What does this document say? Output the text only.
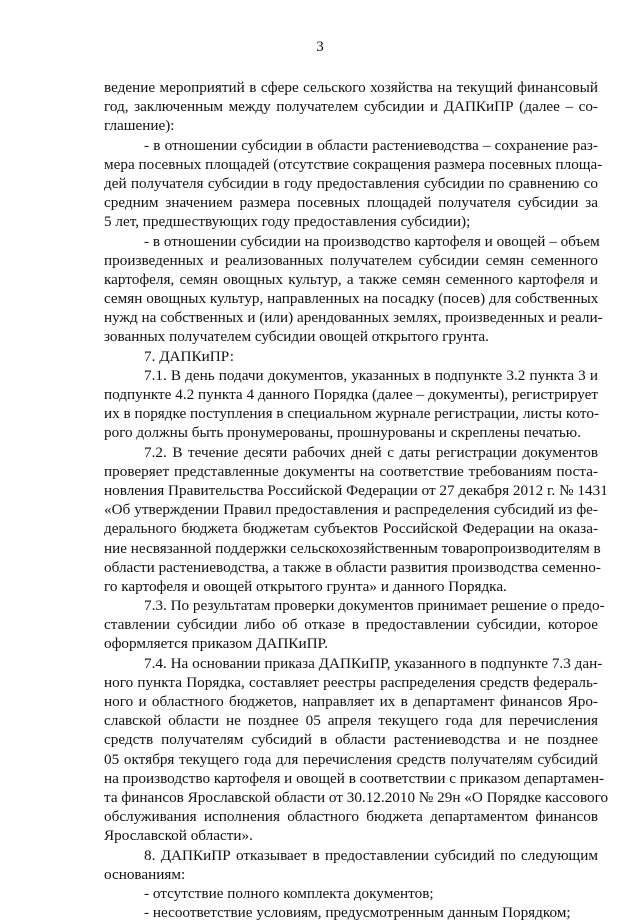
3
ведение мероприятий в сфере сельского хозяйства на текущий финансовый
год, заключенным между получателем субсидии и ДАПКиПР (далее – со-
глашение):
- в отношении субсидии в области растениеводства – сохранение раз-
мера посевных площадей (отсутствие сокращения размера посевных площа-
дей получателя субсидии в году предоставления субсидии по сравнению со
средним значением размера посевных площадей получателя субсидии за
5 лет, предшествующих году предоставления субсидии);
- в отношении субсидии на производство картофеля и овощей – объем
произведенных и реализованных получателем субсидии семян семенного
картофеля, семян овощных культур, а также семян семенного картофеля и
семян овощных культур, направленных на посадку (посев) для собственных
нужд на собственных и (или) арендованных землях, произведенных и реали-
зованных получателем субсидии овощей открытого грунта.
7. ДАПКиПР:
7.1. В день подачи документов, указанных в подпункте 3.2 пункта 3 и
подпункте 4.2 пункта 4 данного Порядка (далее – документы), регистрирует
их в порядке поступления в специальном журнале регистрации, листы кото-
рого должны быть пронумерованы, прошнурованы и скреплены печатью.
7.2. В течение десяти рабочих дней с даты регистрации документов
проверяет представленные документы на соответствие требованиям поста-
новления Правительства Российской Федерации от 27 декабря 2012 г. № 1431
«Об утверждении Правил предоставления и распределения субсидий из фе-
дерального бюджета бюджетам субъектов Российской Федерации на оказа-
ние несвязанной поддержки сельскохозяйственным товаропроизводителям в
области растениеводства, а также в области развития производства семенно-
го картофеля и овощей открытого грунта» и данного Порядка.
7.3. По результатам проверки документов принимает решение о предо-
ставлении субсидии либо об отказе в предоставлении субсидии, которое
оформляется приказом ДАПКиПР.
7.4. На основании приказа ДАПКиПР, указанного в подпункте 7.3 дан-
ного пункта Порядка, составляет реестры распределения средств федераль-
ного и областного бюджетов, направляет их в департамент финансов Яро-
славской области не позднее 05 апреля текущего года для перечисления
средств получателям субсидий в области растениеводства и не позднее
05 октября текущего года для перечисления средств получателям субсидий
на производство картофеля и овощей в соответствии с приказом департамен-
та финансов Ярославской области от 30.12.2010 № 29н «О Порядке кассового
обслуживания исполнения областного бюджета департаментом финансов
Ярославской области».
8. ДАПКиПР отказывает в предоставлении субсидий по следующим
основаниям:
- отсутствие полного комплекта документов;
- несоответствие условиям, предусмотренным данным Порядком;
